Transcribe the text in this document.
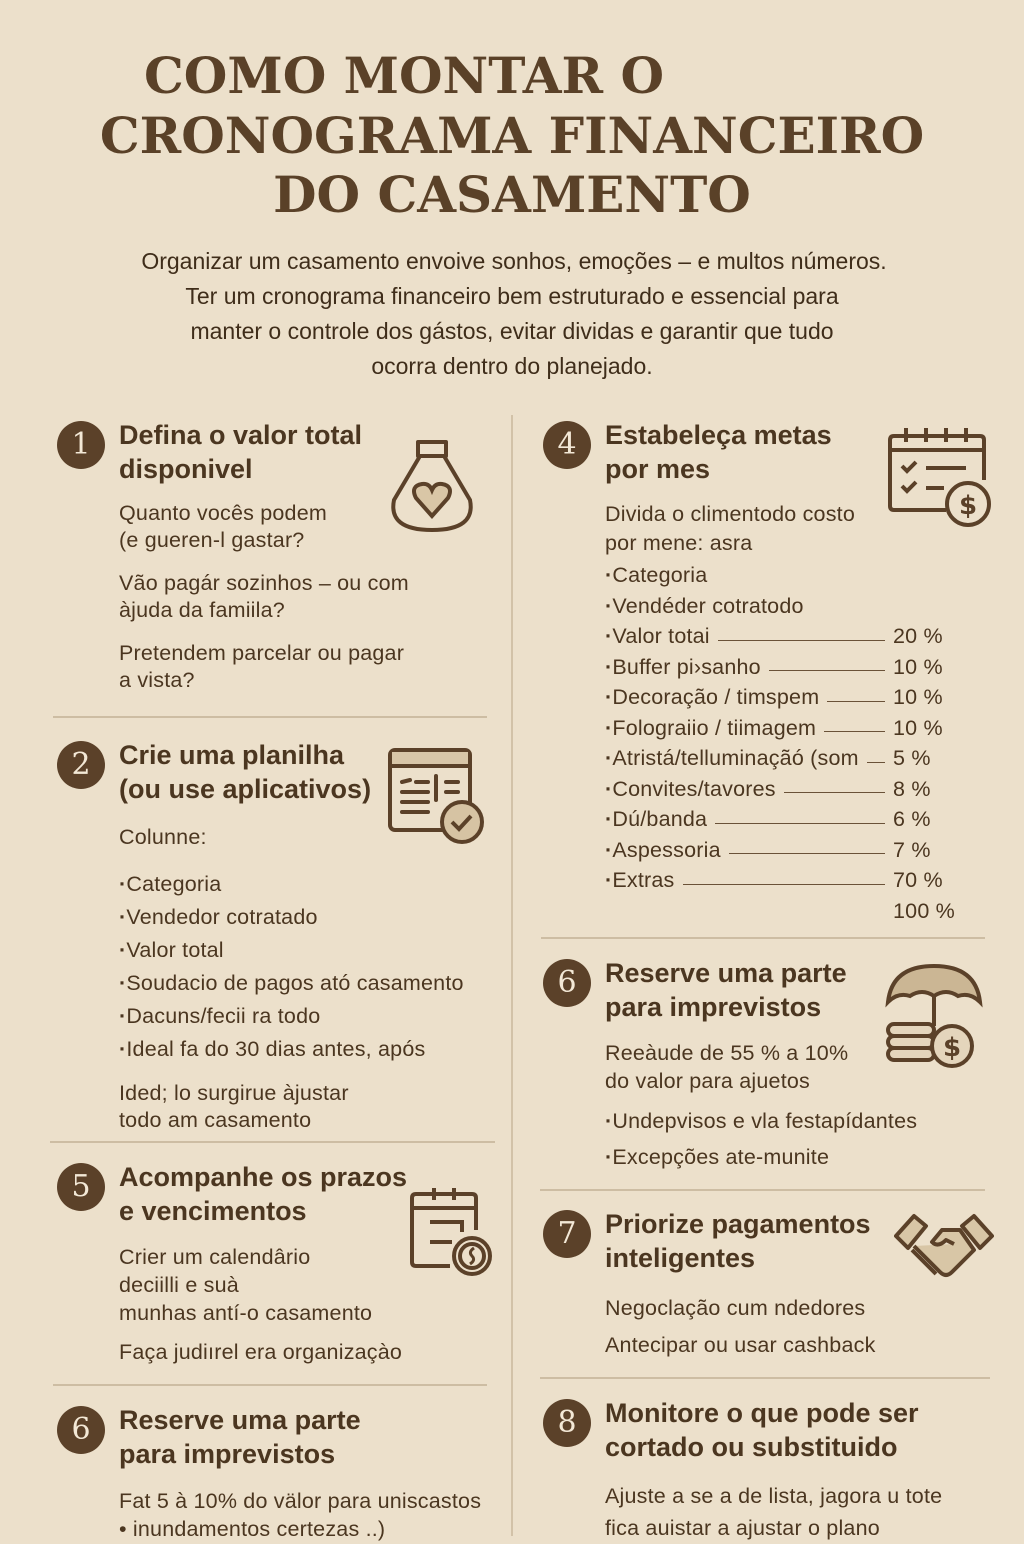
COMO MONTAR O
CRONOGRAMA FINANCEIRO
DO CASAMENTO
Organizar um casamento envoive sonhos, emoções – e multos números.
Ter um cronograma financeiro bem estruturado e essencial para
manter o controle dos gástos, evitar dividas e garantir que tudo
ocorra dentro do planejado.
1	Defina o valor total
disponivel
Quanto vocês podem
(e gueren-l gastar?
Vão pagár sozinhos – ou com
àjuda da famiila?
Pretendem parcelar ou pagar
a vista?
2	Crie uma planilha
(ou use aplicativos)
Colunne:
· Categoria
· Vendedor cotratado
· Valor total
· Soudacio de pagos ató casamento
· Dacuns/fecii ra todo
· Ideal fa do 30 dias antes, após
Ided; lo surgirue àjustar
todo am casamento
5	Acompanhe os prazos
e vencimentos
Crier um calendârio
deciilli e suà
munhas antí-o casamento
Faça judiırel era organizaçào
6	Reserve uma parte
para imprevistos
Fat 5 à 10% do välor para uniscastos
• inundamentos certezas ..)
4	Estabeleça metas
por mes
Divida o climentodo costo
por mene: asra
· Categoria
· Vendéder cotratodo
· Valor totai	20 %
· Buffer pi›sanho	10 %
· Decoração / timspem	10 %
· Folograiio / tiimagem	10 %
· Atristá/telluminaçãó (som 5 %
· Convites/tavores	8 %
· Dú/banda	6 %
· Aspessoria	7 %
· Extras	70 %
100 %
6	Reserve uma parte
para imprevistos
Reeàude de 55 % a 10%
do valor para ajuetos
· Undepvisos e vla festapídantes
· Excepções ate-munite
7	Priorize pagamentos
inteligentes
Negoclação cum ndedores
Antecipar ou usar cashback
8	Monitore o que pode ser
cortado ou substituido
Ajuste a se a de lista, jagora u tote
fica auistar a ajustar o plano
$
$
